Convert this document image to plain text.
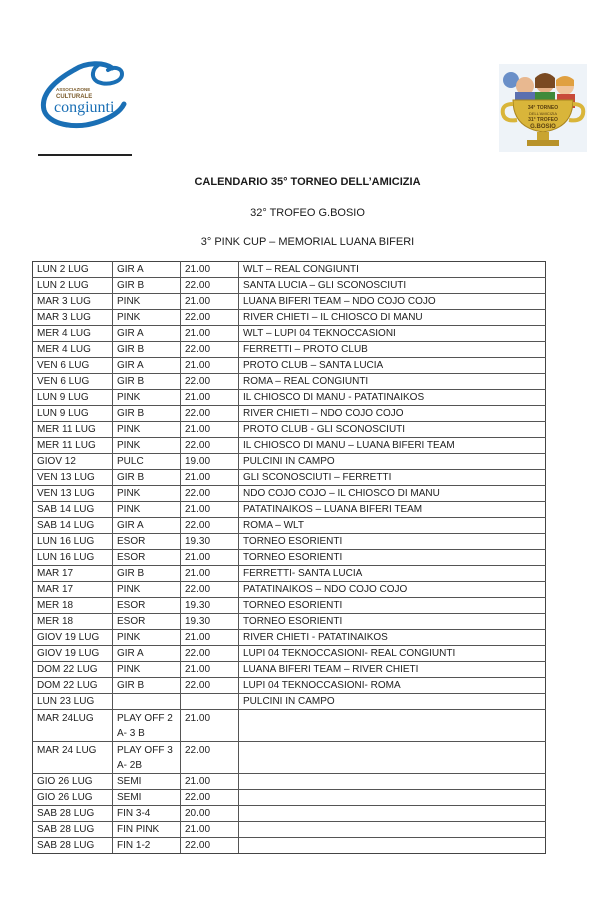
ASSOCIAZIONE
CULTURALE
congiunti	34° TORNEO
DELL'AMICIZIA
31° TROFEO
G.BOSIO
CALENDARIO 35° TORNEO DELL’AMICIZIA
32° TROFEO G.BOSIO
3° PINK CUP – MEMORIAL LUANA BIFERI
LUN 2 LUG	GIR A	21.00	WLT – REAL CONGIUNTI
LUN 2 LUG	GIR B	22.00	SANTA LUCIA – GLI SCONOSCIUTI
MAR 3 LUG	PINK	21.00	LUANA BIFERI TEAM – NDO COJO COJO
MAR 3 LUG	PINK	22.00	RIVER CHIETI – IL CHIOSCO DI MANU
MER 4 LUG	GIR A	21.00	WLT – LUPI 04 TEKNOCCASIONI
MER 4 LUG	GIR B	22.00	FERRETTI – PROTO CLUB
VEN 6 LUG	GIR A	21.00	PROTO CLUB – SANTA LUCIA
VEN 6 LUG	GIR B	22.00	ROMA – REAL CONGIUNTI
LUN 9 LUG	PINK	21.00	IL CHIOSCO DI MANU - PATATINAIKOS
LUN 9 LUG	GIR B	22.00	RIVER CHIETI – NDO COJO COJO
MER 11 LUG	PINK	21.00	PROTO CLUB - GLI SCONOSCIUTI
MER 11 LUG	PINK	22.00	IL CHIOSCO DI MANU – LUANA BIFERI TEAM
GIOV 12	PULC	19.00	PULCINI IN CAMPO
VEN 13 LUG	GIR B	21.00	GLI SCONOSCIUTI – FERRETTI
VEN 13 LUG	PINK	22.00	NDO COJO COJO – IL CHIOSCO DI MANU
SAB 14 LUG	PINK	21.00	PATATINAIKOS – LUANA BIFERI TEAM
SAB 14 LUG	GIR A	22.00	ROMA – WLT
LUN 16 LUG	ESOR	19.30	TORNEO ESORIENTI
LUN 16 LUG	ESOR	21.00	TORNEO ESORIENTI
MAR 17	GIR B	21.00	FERRETTI- SANTA LUCIA
MAR 17	PINK	22.00	PATATINAIKOS – NDO COJO COJO
MER 18	ESOR	19.30	TORNEO ESORIENTI
MER 18	ESOR	19.30	TORNEO ESORIENTI
GIOV 19 LUG	PINK	21.00	RIVER CHIETI - PATATINAIKOS
GIOV 19 LUG	GIR A	22.00	LUPI 04 TEKNOCCASIONI- REAL CONGIUNTI
DOM 22 LUG	PINK	21.00	LUANA BIFERI TEAM – RIVER CHIETI
DOM 22 LUG	GIR B	22.00	LUPI 04 TEKNOCCASIONI- ROMA
LUN 23 LUG			PULCINI IN CAMPO
MAR 24LUG	PLAY OFF 2 A- 3 B	21.00	
MAR 24 LUG	PLAY OFF 3 A- 2B	22.00	
GIO 26 LUG	SEMI	21.00	
GIO 26 LUG	SEMI	22.00	
SAB 28 LUG	FIN 3-4	20.00	
SAB 28 LUG	FIN PINK	21.00	
SAB 28 LUG	FIN 1-2	22.00	
